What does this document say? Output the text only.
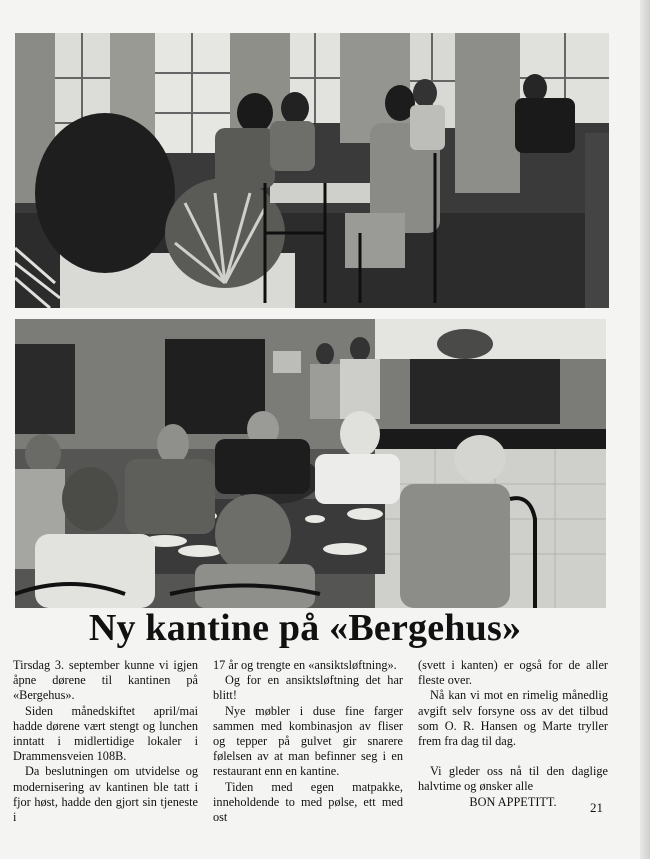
Ny kantine på «Bergehus»

Tirsdag 3. september kunne vi igjen åpne dørene til kantinen på «Bergehus».

Siden månedskiftet april/mai hadde dørene vært stengt og lunchen inntatt i midlertidige lokaler i Drammensveien 108B.

Da beslutningen om utvidelse og modernisering av kantinen ble tatt i fjor høst, hadde den gjort sin tjeneste i

17 år og trengte en «ansiktsløftning».

Og for en ansiktsløftning det har blitt!

Nye møbler i duse fine farger sammen med kombinasjon av fliser og tepper på gulvet gir snarere følelsen av at man befinner seg i en restaurant enn en kantine.

Tiden med egen matpakke, inneholdende to med pølse, ett med ost

(svett i kanten) er også for de aller fleste over.

Nå kan vi mot en rimelig månedlig avgift selv forsyne oss av det tilbud som O. R. Hansen og Marte tryller frem fra dag til dag.

Vi gleder oss nå til den daglige halvtime og ønsker alle

BON APPETITT.	21
